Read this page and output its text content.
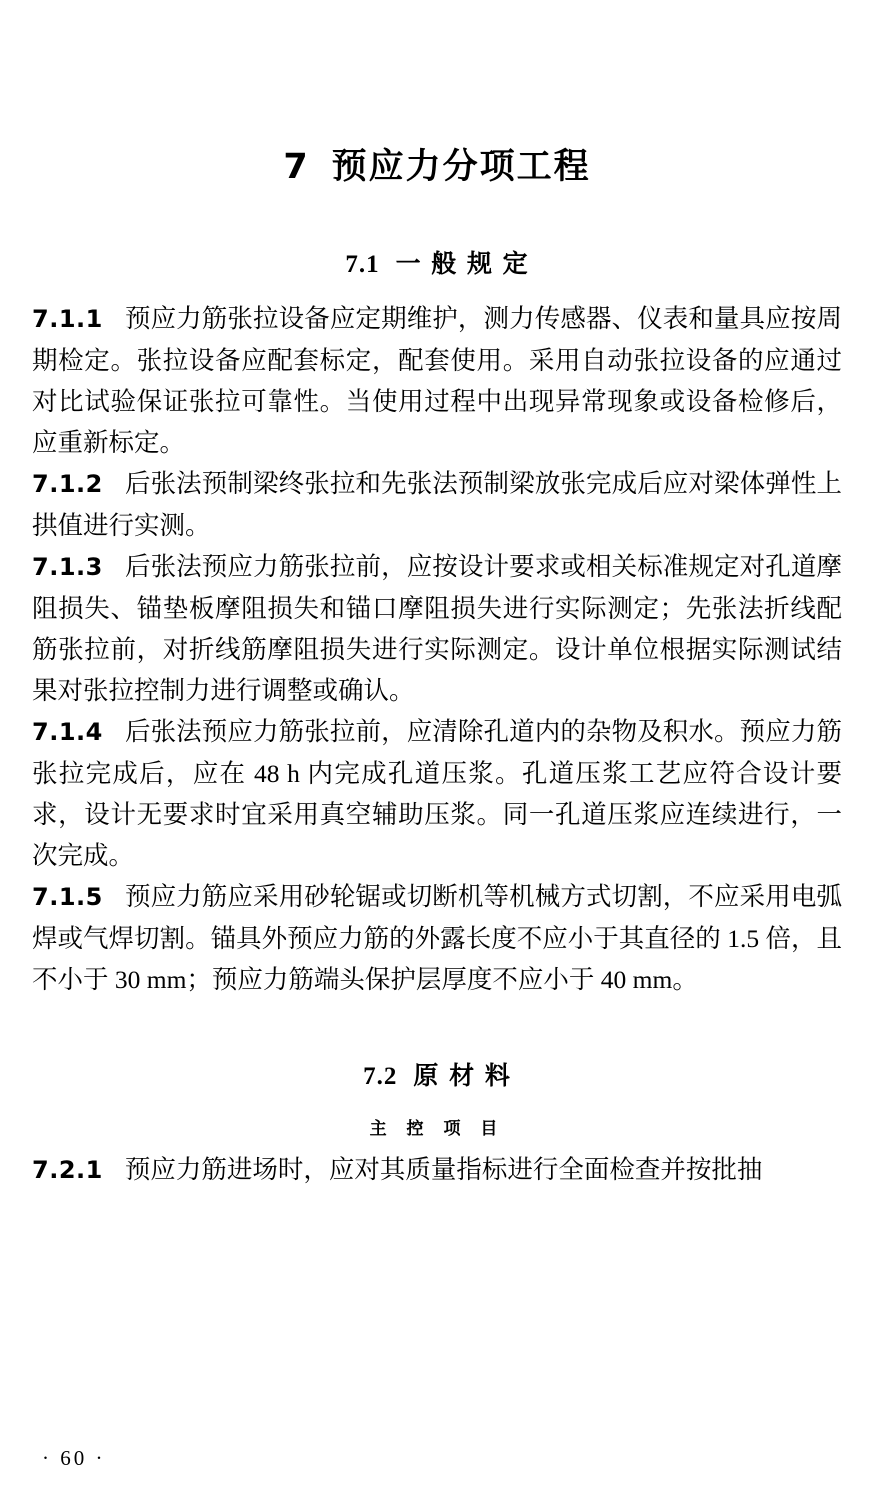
7 预应力分项工程
7.1 一 般 规 定

7.1.1 预应力筋张拉设备应定期维护，测力传感器、仪表和量具应按周期检定。张拉设备应配套标定，配套使用。采用自动张拉设备的应通过对比试验保证张拉可靠性。当使用过程中出现异常现象或设备检修后，应重新标定。

7.1.2 后张法预制梁终张拉和先张法预制梁放张完成后应对梁体弹性上拱值进行实测。

7.1.3 后张法预应力筋张拉前，应按设计要求或相关标准规定对孔道摩阻损失、锚垫板摩阻损失和锚口摩阻损失进行实际测定；先张法折线配筋张拉前，对折线筋摩阻损失进行实际测定。设计单位根据实际测试结果对张拉控制力进行调整或确认。

7.1.4 后张法预应力筋张拉前，应清除孔道内的杂物及积水。预应力筋张拉完成后，应在 48 h 内完成孔道压浆。孔道压浆工艺应符合设计要求，设计无要求时宜采用真空辅助压浆。同一孔道压浆应连续进行，一次完成。

7.1.5 预应力筋应采用砂轮锯或切断机等机械方式切割，不应采用电弧焊或气焊切割。锚具外预应力筋的外露长度不应小于其直径的 1.5 倍，且不小于 30 mm；预应力筋端头保护层厚度不应小于 40 mm。

7.2 原 材 料
主 控 项 目

7.2.1 预应力筋进场时，应对其质量指标进行全面检查并按批抽

· 60 ·
